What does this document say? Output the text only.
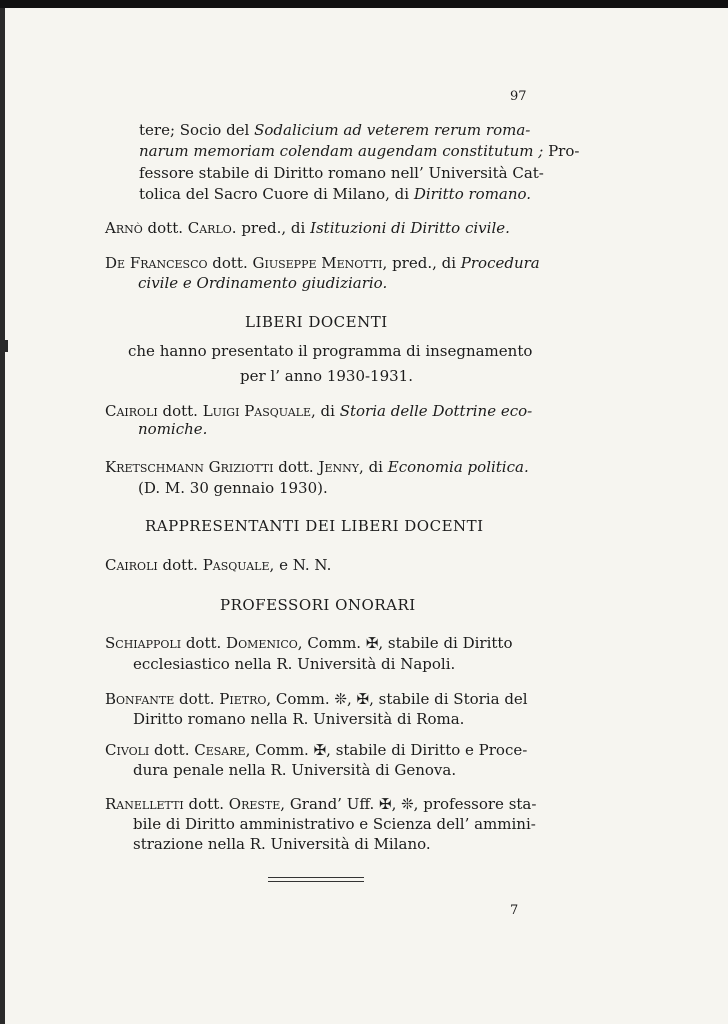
97
tere; Socio del Sodalicium ad veterem rerum roma-
narum memoriam colendam augendam constitutum ; Pro-
fessore stabile di Diritto romano nell’ Università Cat-
tolica del Sacro Cuore di Milano, di Diritto romano.
Arnò dott. Carlo. pred., di Istituzioni di Diritto civile.
De Francesco dott. Giuseppe Menotti, pred., di Procedura
civile e Ordinamento giudiziario.
LIBERI DOCENTI
che hanno presentato il programma di insegnamento
per l’ anno 1930-1931.
Cairoli dott. Luigi Pasquale, di Storia delle Dottrine eco-
nomiche.
Kretschmann Griziotti dott. Jenny, di Economia politica.
(D. M. 30 gennaio 1930).
RAPPRESENTANTI DEI LIBERI DOCENTI
Cairoli dott. Pasquale, e N. N.
PROFESSORI ONORARI
Schiappoli dott. Domenico, Comm. ✠, stabile di Diritto
ecclesiastico nella R. Università di Napoli.
Bonfante dott. Pietro, Comm. ❊, ✠, stabile di Storia del
Diritto romano nella R. Università di Roma.
Civoli dott. Cesare, Comm. ✠, stabile di Diritto e Proce-
dura penale nella R. Università di Genova.
Ranelletti dott. Oreste, Grand’ Uff. ✠, ❊, professore sta-
bile di Diritto amministrativo e Scienza dell’ ammini-
strazione nella R. Università di Milano.
7
